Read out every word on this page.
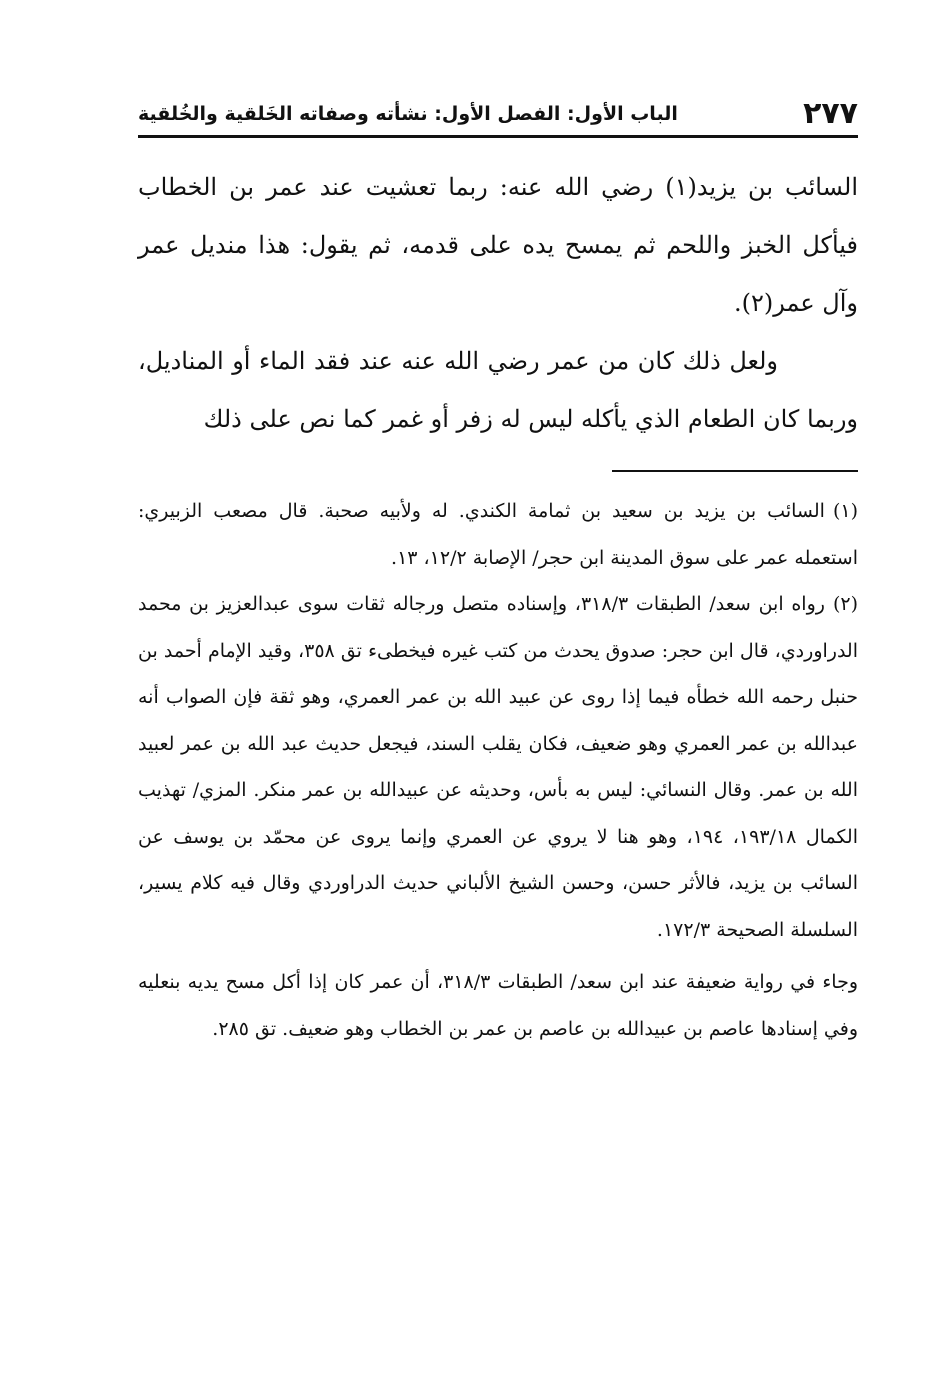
٢٧٧
الباب الأول: الفصل الأول: نشأته وصفاته الخَلقية والخُلقية

السائب بن يزيد(١) رضي الله عنه: ربما تعشيت عند عمر بن الخطاب فيأكل الخبز واللحم ثم يمسح يده على قدمه، ثم يقول: هذا منديل عمر وآل عمر(٢).

ولعل ذلك كان من عمر رضي الله عنه عند فقد الماء أو المناديل، وربما كان الطعام الذي يأكله ليس له زفر أو غمر كما نص على ذلك

(١)السائب بن يزيد بن سعيد بن ثمامة الكندي. له ولأبيه صحبة. قال مصعب الزبيري: استعمله عمر على سوق المدينة ابن حجر/ الإصابة ١٢/٢، ١٣.

(٢)رواه ابن سعد/ الطبقات ٣١٨/٣، وإسناده متصل ورجاله ثقات سوى عبدالعزيز بن محمد الدراوردي، قال ابن حجر: صدوق يحدث من كتب غيره فيخطىء تق ٣٥٨، وقيد الإمام أحمد بن حنبل رحمه الله خطأه فيما إذا روى عن عبيد الله بن عمر العمري، وهو ثقة فإن الصواب أنه عبدالله بن عمر العمري وهو ضعيف، فكان يقلب السند، فيجعل حديث عبد الله بن عمر لعبيد الله بن عمر. وقال النسائي: ليس به بأس، وحديثه عن عبيدالله بن عمر منكر. المزي/ تهذيب الكمال ١٩٣/١٨، ١٩٤، وهو هنا لا يروي عن العمري وإنما يروى عن محمّد بن يوسف عن السائب بن يزيد، فالأثر حسن، وحسن الشيخ الألباني حديث الدراوردي وقال فيه كلام يسير، السلسلة الصحيحة ١٧٢/٣.

وجاء في رواية ضعيفة عند ابن سعد/ الطبقات ٣١٨/٣، أن عمر كان إذا أكل مسح يديه بنعليه وفي إسنادها عاصم بن عبيدالله بن عاصم بن عمر بن الخطاب وهو ضعيف. تق ٢٨٥.
